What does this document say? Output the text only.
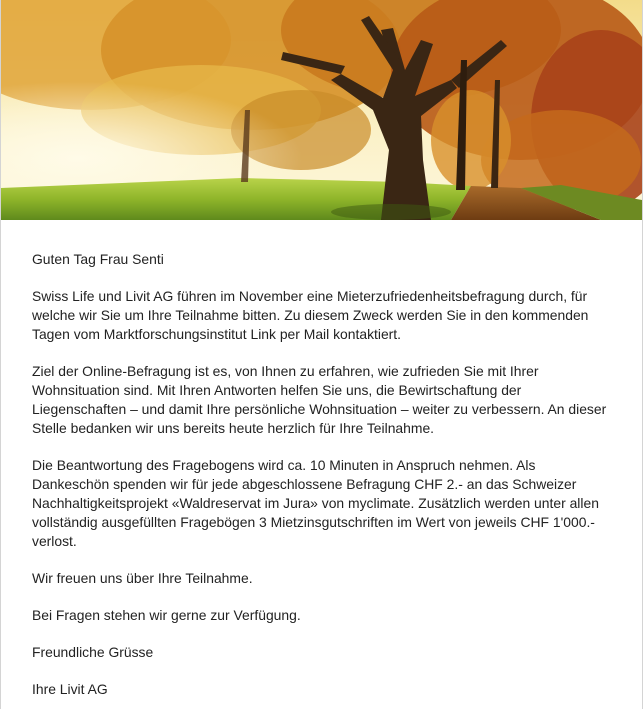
Guten Tag Frau Senti

Swiss Life und Livit AG führen im November eine Mieterzufriedenheitsbefragung durch, für welche wir Sie um Ihre Teilnahme bitten. Zu diesem Zweck werden Sie in den kommenden Tagen vom Marktforschungsinstitut Link per Mail kontaktiert.

Ziel der Online-Befragung ist es, von Ihnen zu erfahren, wie zufrieden Sie mit Ihrer Wohnsituation sind. Mit Ihren Antworten helfen Sie uns, die Bewirtschaftung der Liegenschaften – und damit Ihre persönliche Wohnsituation – weiter zu verbessern. An dieser Stelle bedanken wir uns bereits heute herzlich für Ihre Teilnahme.

Die Beantwortung des Fragebogens wird ca. 10 Minuten in Anspruch nehmen. Als Dankeschön spenden wir für jede abgeschlossene Befragung CHF 2.- an das Schweizer Nachhaltigkeitsprojekt «Waldreservat im Jura» von myclimate. Zusätzlich werden unter allen vollständig ausgefüllten Fragebögen 3 Mietzinsgutschriften im Wert von jeweils CHF 1'000.- verlost.

Wir freuen uns über Ihre Teilnahme.

Bei Fragen stehen wir gerne zur Verfügung.

Freundliche Grüsse

Ihre Livit AG
